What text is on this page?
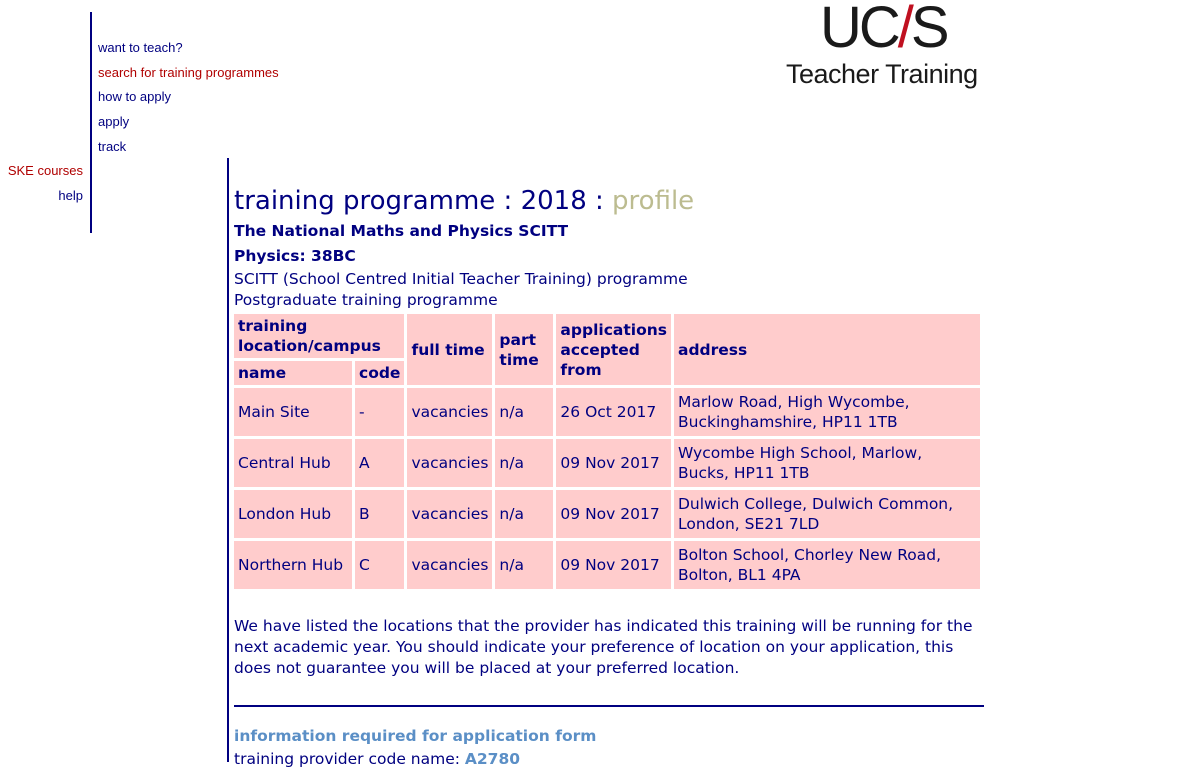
want to teach?
search for training programmes
how to apply
apply
track
SKE courses
help
UC/S
Teacher Training
training programme : 2018 : profile
The National Maths and Physics SCITT
Physics: 38BC
SCITT (School Centred Initial Teacher Training) programme
Postgraduate training programme
training location/campus		full time	part time	applications accepted from	address
name	code				
Main Site	-	vacancies	n/a	26 Oct 2017	Marlow Road, High Wycombe, Buckinghamshire, HP11 1TB
Central Hub	A	vacancies	n/a	09 Nov 2017	Wycombe High School, Marlow, Bucks, HP11 1TB
London Hub	B	vacancies	n/a	09 Nov 2017	Dulwich College, Dulwich Common, London, SE21 7LD
Northern Hub	C	vacancies	n/a	09 Nov 2017	Bolton School, Chorley New Road, Bolton, BL1 4PA

We have listed the locations that the provider has indicated this training will be running for the next academic year. You should indicate your preference of location on your application, this does not guarantee you will be placed at your preferred location.

information required for application form
training provider code name: A2780
